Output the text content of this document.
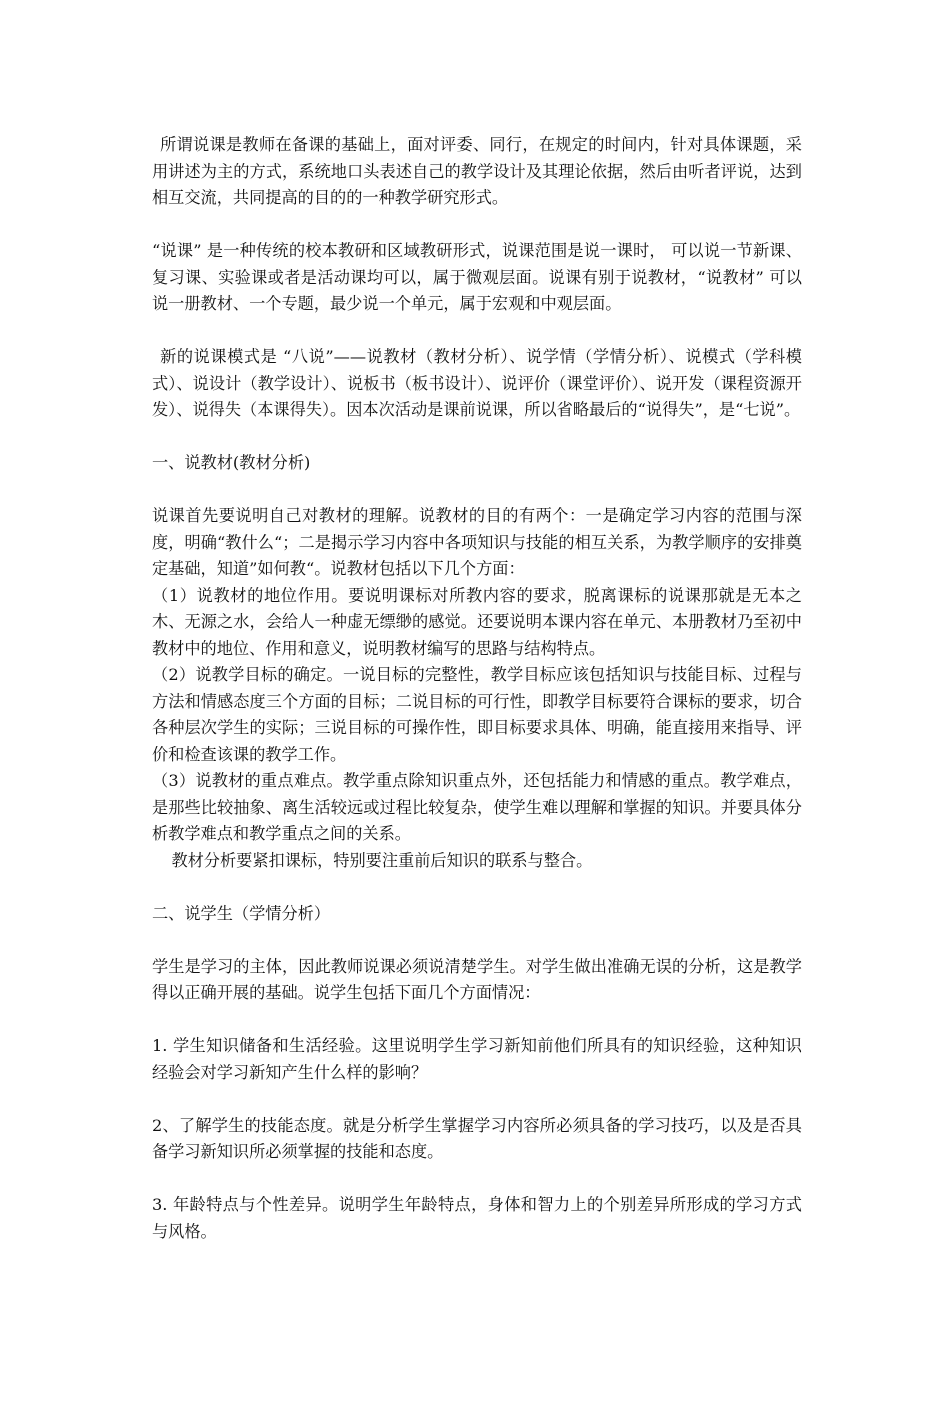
所谓说课是教师在备课的基础上，面对评委、同行，在规定的时间内，针对具体课题，采用讲述为主的方式，系统地口头表述自己的教学设计及其理论依据，然后由听者评说，达到相互交流，共同提高的目的的一种教学研究形式。

“说课” 是一种传统的校本教研和区域教研形式，说课范围是说一课时， 可以说一节新课、复习课、实验课或者是活动课均可以，属于微观层面。说课有别于说教材，“说教材” 可以说一册教材、一个专题，最少说一个单元，属于宏观和中观层面。

新的说课模式是 “八说”——说教材（教材分析）、说学情（学情分析）、说模式（学科模式）、说设计（教学设计）、说板书（板书设计）、说评价（课堂评价）、说开发（课程资源开发）、说得失（本课得失）。因本次活动是课前说课，所以省略最后的“说得失”，是“七说”。

一、说教材(教材分析)

说课首先要说明自己对教材的理解。说教材的目的有两个：一是确定学习内容的范围与深度，明确“教什么“；二是揭示学习内容中各项知识与技能的相互关系，为教学顺序的安排奠定基础，知道”如何教“。说教材包括以下几个方面：

（1）说教材的地位作用。要说明课标对所教内容的要求，脱离课标的说课那就是无本之木、无源之水，会给人一种虚无缥缈的感觉。还要说明本课内容在单元、本册教材乃至初中教材中的地位、作用和意义，说明教材编写的思路与结构特点。

（2）说教学目标的确定。一说目标的完整性，教学目标应该包括知识与技能目标、过程与方法和情感态度三个方面的目标；二说目标的可行性，即教学目标要符合课标的要求，切合各种层次学生的实际；三说目标的可操作性，即目标要求具体、明确，能直接用来指导、评价和检查该课的教学工作。

（3）说教材的重点难点。教学重点除知识重点外，还包括能力和情感的重点。教学难点，是那些比较抽象、离生活较远或过程比较复杂，使学生难以理解和掌握的知识。并要具体分析教学难点和教学重点之间的关系。

教材分析要紧扣课标，特别要注重前后知识的联系与整合。

二、说学生（学情分析）

学生是学习的主体，因此教师说课必须说清楚学生。对学生做出准确无误的分析，这是教学得以正确开展的基础。说学生包括下面几个方面情况：

1. 学生知识储备和生活经验。这里说明学生学习新知前他们所具有的知识经验，这种知识经验会对学习新知产生什么样的影响？

2、了解学生的技能态度。就是分析学生掌握学习内容所必须具备的学习技巧，以及是否具备学习新知识所必须掌握的技能和态度。

3. 年龄特点与个性差异。说明学生年龄特点，身体和智力上的个别差异所形成的学习方式与风格。
